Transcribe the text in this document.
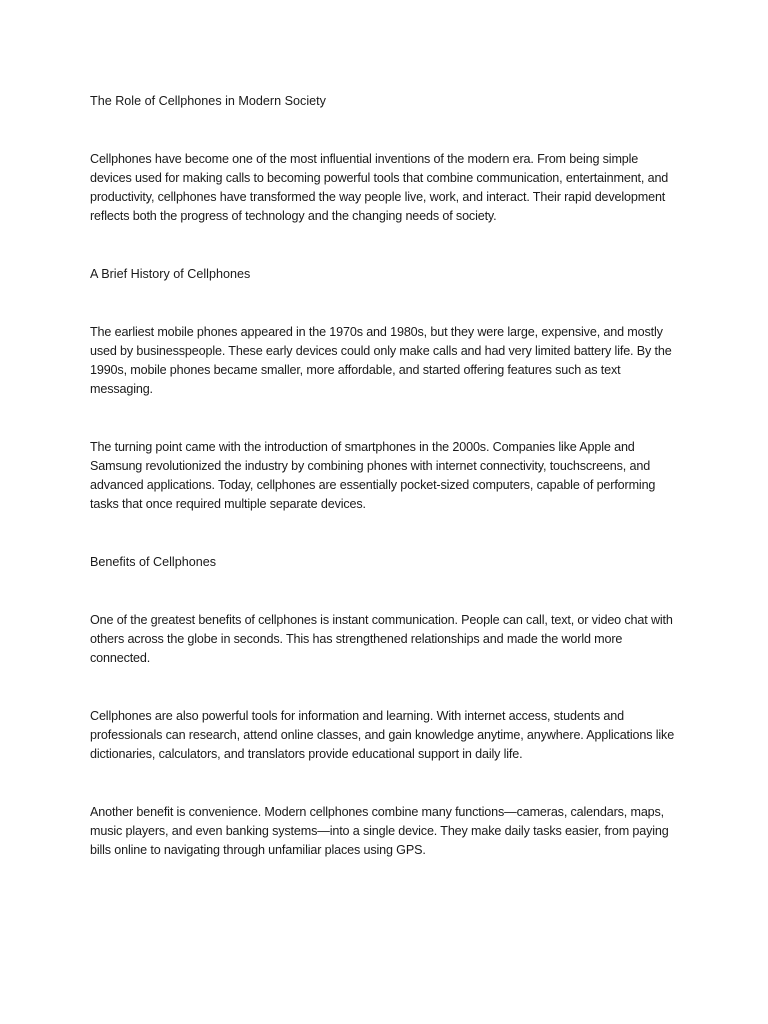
The Role of Cellphones in Modern Society

Cellphones have become one of the most influential inventions of the modern era. From being simple devices used for making calls to becoming powerful tools that combine communication, entertainment, and productivity, cellphones have transformed the way people live, work, and interact. Their rapid development reflects both the progress of technology and the changing needs of society.

A Brief History of Cellphones

The earliest mobile phones appeared in the 1970s and 1980s, but they were large, expensive, and mostly used by businesspeople. These early devices could only make calls and had very limited battery life. By the 1990s, mobile phones became smaller, more affordable, and started offering features such as text messaging.

The turning point came with the introduction of smartphones in the 2000s. Companies like Apple and Samsung revolutionized the industry by combining phones with internet connectivity, touchscreens, and advanced applications. Today, cellphones are essentially pocket-sized computers, capable of performing tasks that once required multiple separate devices.

Benefits of Cellphones

One of the greatest benefits of cellphones is instant communication. People can call, text, or video chat with others across the globe in seconds. This has strengthened relationships and made the world more connected.

Cellphones are also powerful tools for information and learning. With internet access, students and professionals can research, attend online classes, and gain knowledge anytime, anywhere. Applications like dictionaries, calculators, and translators provide educational support in daily life.

Another benefit is convenience. Modern cellphones combine many functions—cameras, calendars, maps, music players, and even banking systems—into a single device. They make daily tasks easier, from paying bills online to navigating through unfamiliar places using GPS.
